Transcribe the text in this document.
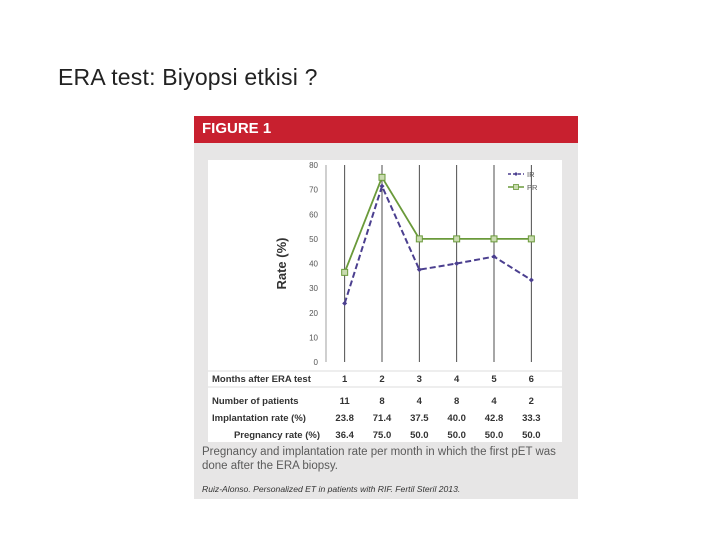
ERA test: Biyopsi etkisi ?
FIGURE 1
0
10
20
30
40
50
60
70
80
Rate (%)
IR
PR
Months after ERA test	1	2	3	4	5	6
Number of patients	11	8	4	8	4	2
Implantation rate (%)	23.8 71.4 37.5 40.0 42.8 33.3
Pregnancy rate (%) 36.4 75.0 50.0 50.0 50.0 50.0
Pregnancy and implantation rate per month in which the first pET was done after the ERA biopsy.
Ruiz-Alonso. Personalized ET in patients with RIF. Fertil Steril 2013.
